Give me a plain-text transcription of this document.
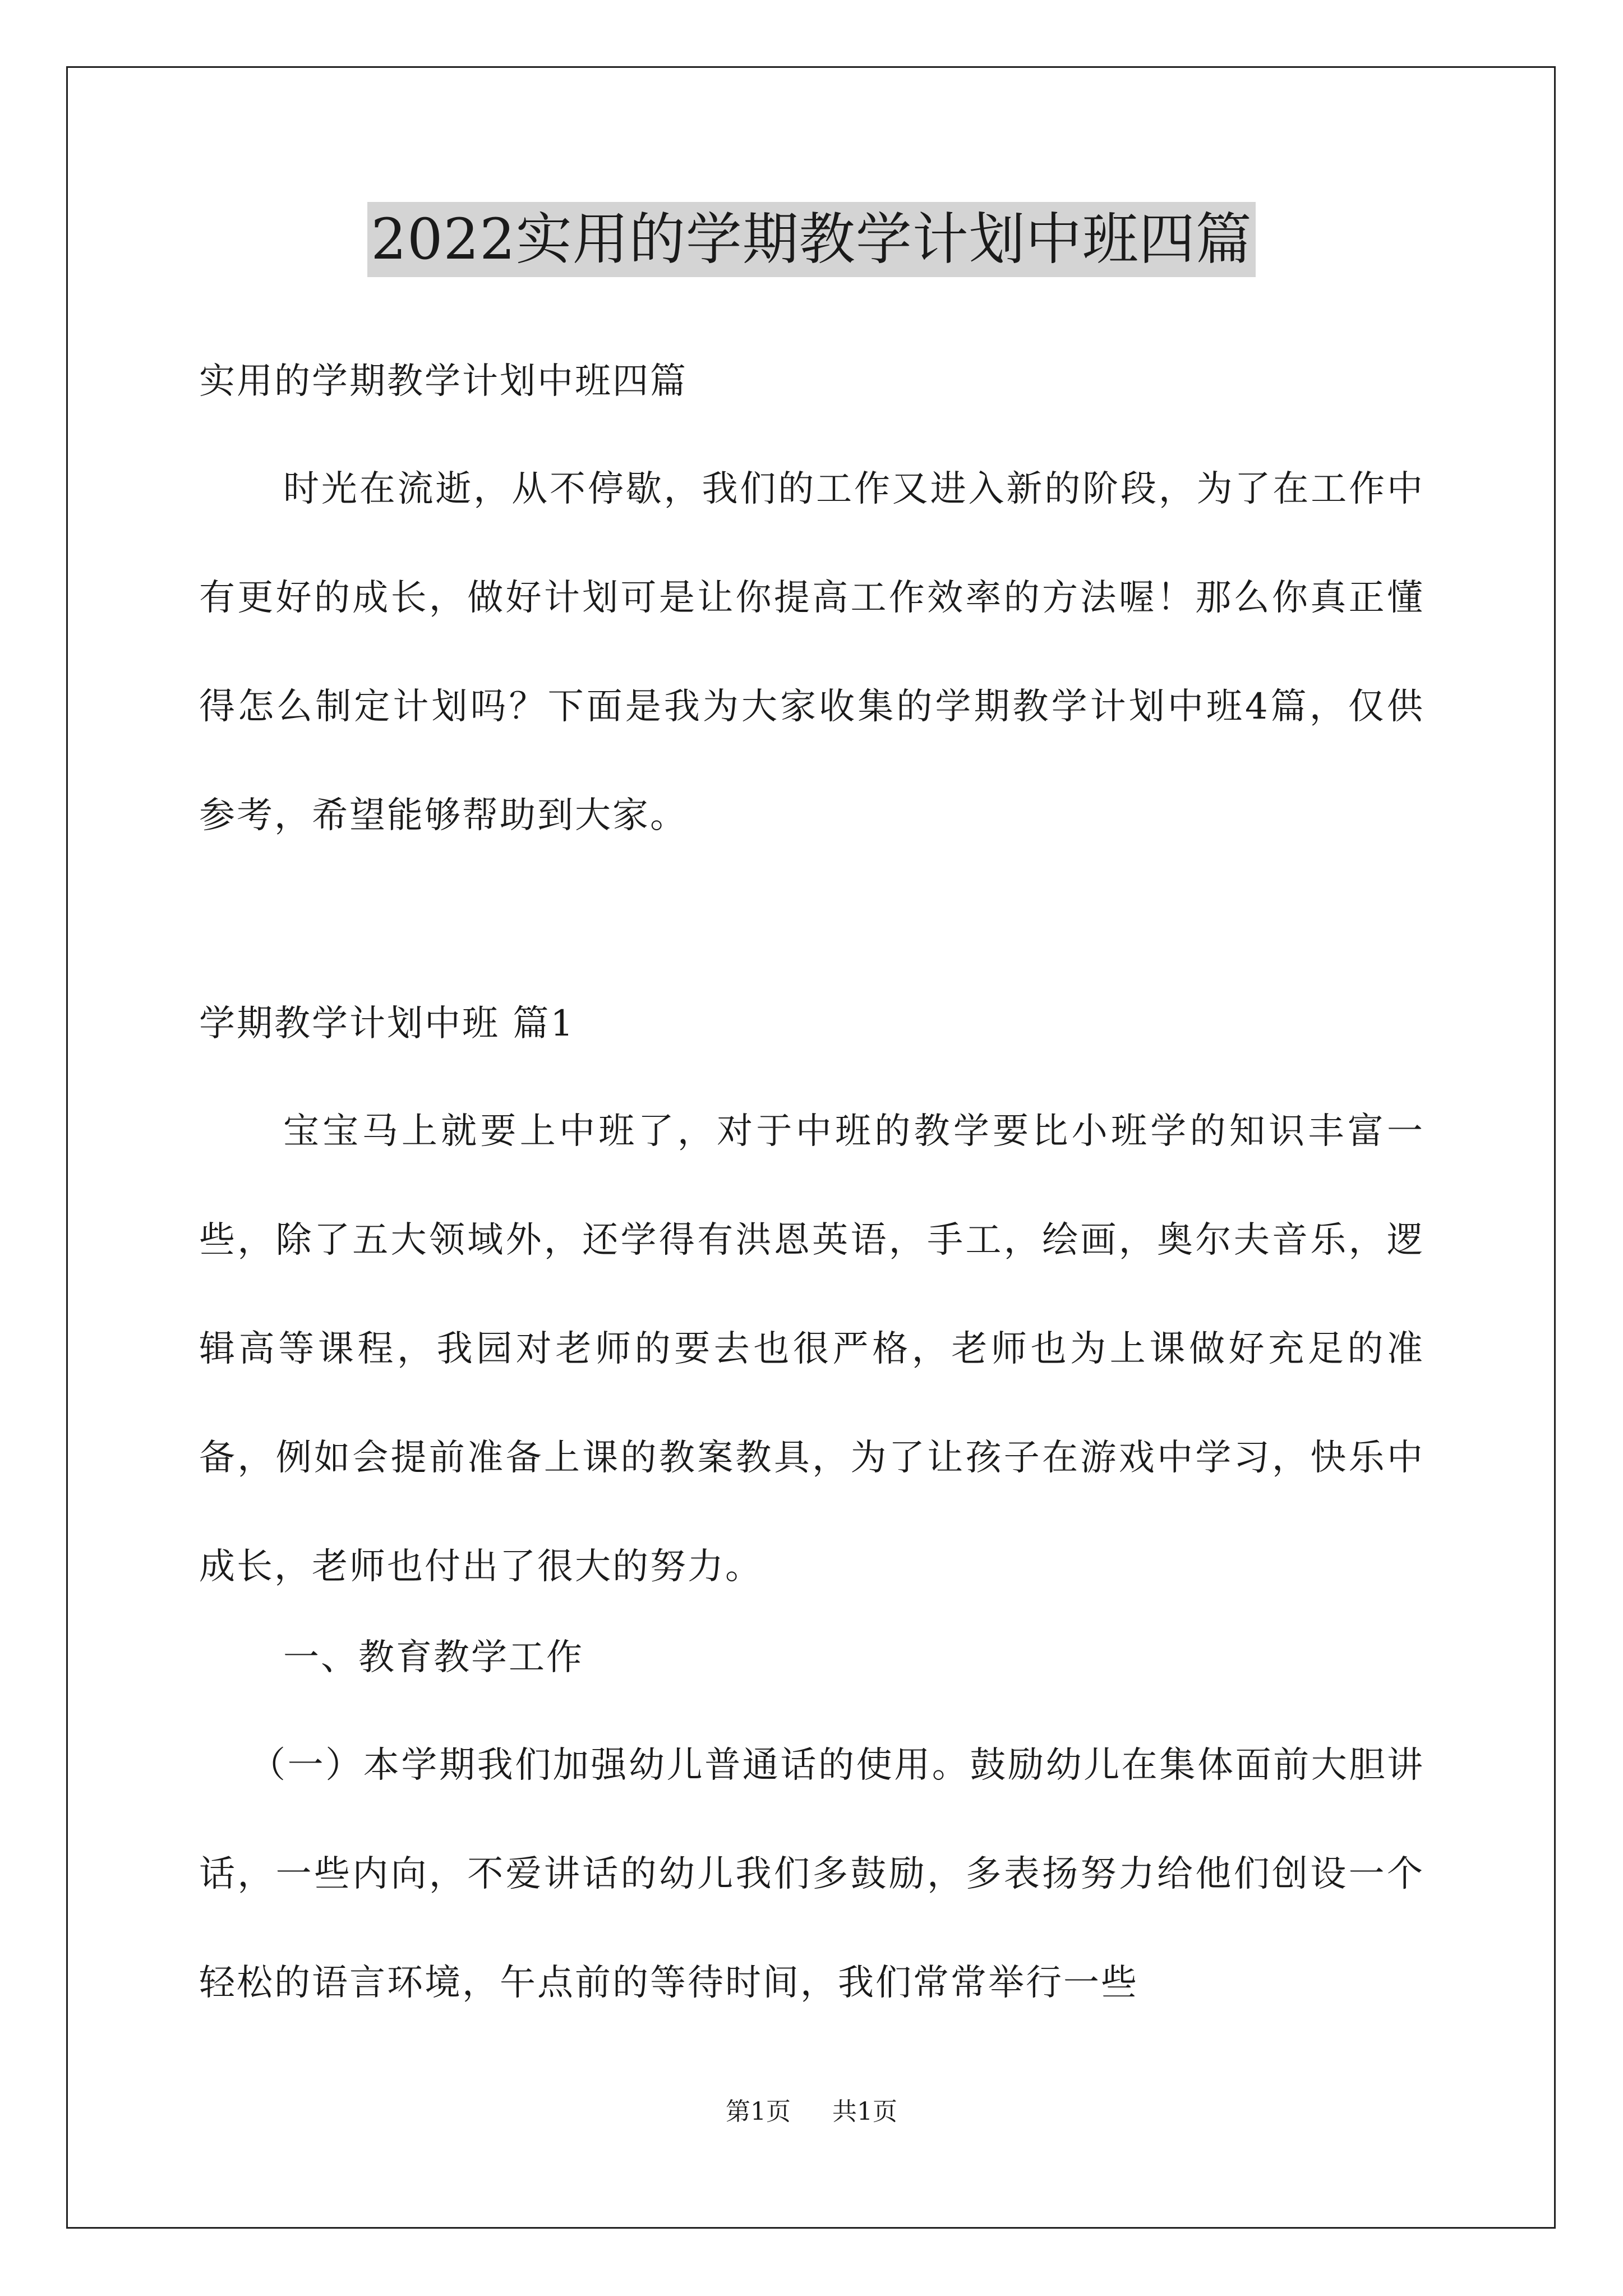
2022实用的学期教学计划中班四篇
实用的学期教学计划中班四篇

时光在流逝，从不停歇，我们的工作又进入新的阶段，为了在工作中有更好的成长，做好计划可是让你提高工作效率的方法喔！那么你真正懂得怎么制定计划吗？下面是我为大家收集的学期教学计划中班4篇，仅供参考，希望能够帮助到大家。

学期教学计划中班 篇1

宝宝马上就要上中班了，对于中班的教学要比小班学的知识丰富一些，除了五大领域外，还学得有洪恩英语，手工，绘画，奥尔夫音乐，逻辑高等课程，我园对老师的要去也很严格，老师也为上课做好充足的准备，例如会提前准备上课的教案教具，为了让孩子在游戏中学习，快乐中成长，老师也付出了很大的努力。

一、教育教学工作

（一）本学期我们加强幼儿普通话的使用。鼓励幼儿在集体面前大胆讲话，一些内向，不爱讲话的幼儿我们多鼓励，多表扬努力给他们创设一个轻松的语言环境，午点前的等待时间，我们常常举行一些

第1页 共1页
